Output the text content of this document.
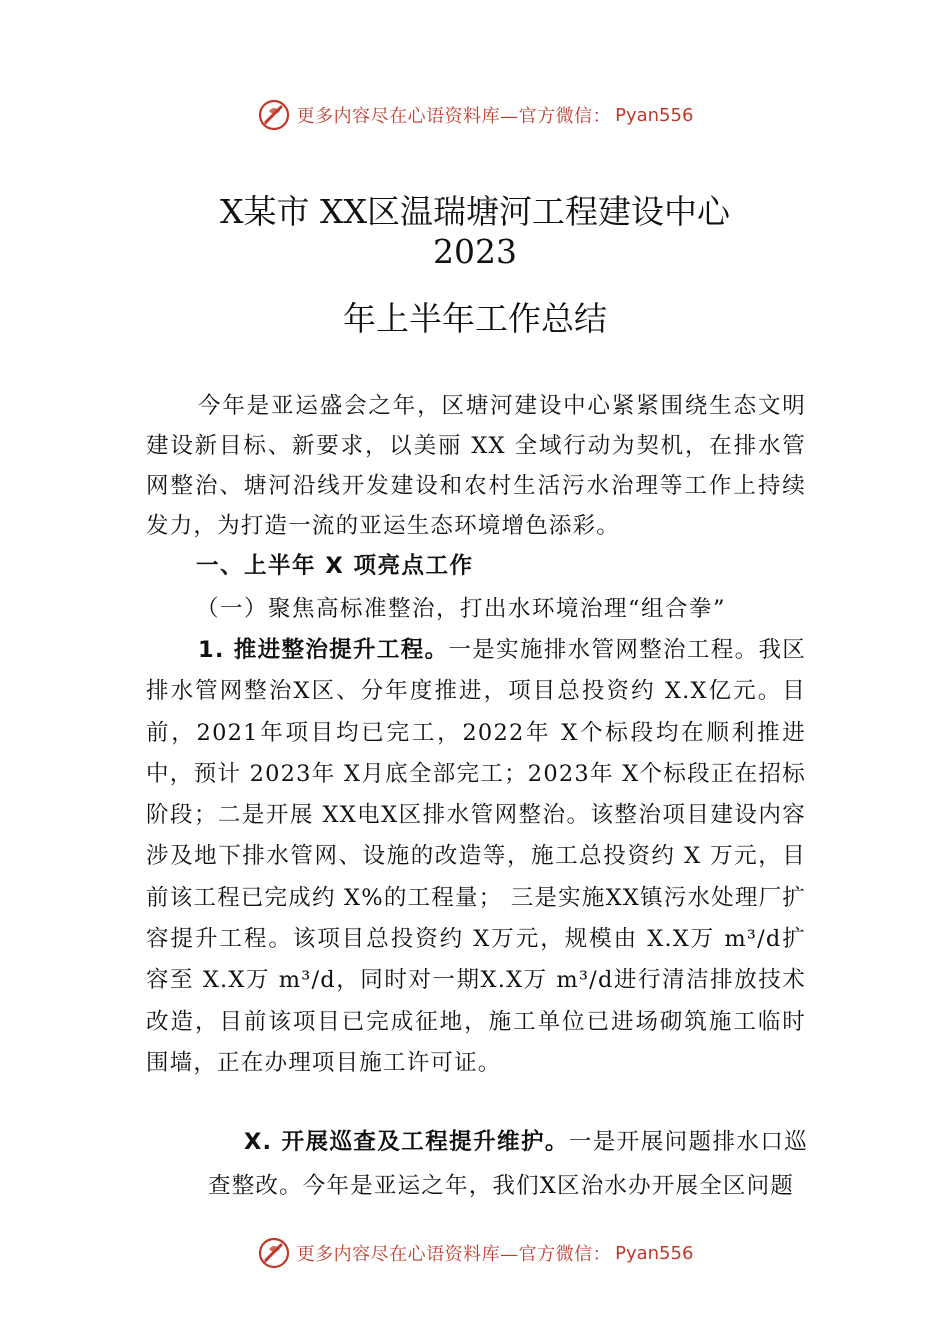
更多内容尽在心语资料库—官方微信： Pyan556
X某市 XX区温瑞塘河工程建设中心
2023
年上半年工作总结
今年是亚运盛会之年，区塘河建设中心紧紧围绕生态文明建设新目标、新要求，以美丽 XX 全域行动为契机，在排水管网整治、塘河沿线开发建设和农村生活污水治理等工作上持续发力，为打造一流的亚运生态环境增色添彩。
一、上半年 X 项亮点工作
（一）聚焦高标准整治，打出水环境治理“组合拳”
1. 推进整治提升工程。一是实施排水管网整治工程。我区排水管网整治X区、分年度推进，项目总投资约 X.X亿元。目前，2021年项目均已完工，2022年 X个标段均在顺利推进中，预计 2023年 X月底全部完工；2023年 X个标段正在招标阶段；二是开展 XX电X区排水管网整治。该整治项目建设内容涉及地下排水管网、设施的改造等，施工总投资约 X 万元，目前该工程已完成约 X%的工程量； 三是实施XX镇污水处理厂扩容提升工程。该项目总投资约 X万元，规模由 X.X万 m³/d扩容至 X.X万 m³/d，同时对一期X.X万 m³/d进行清洁排放技术改造，目前该项目已完成征地，施工单位已进场砌筑施工临时围墙，正在办理项目施工许可证。
X. 开展巡查及工程提升维护。一是开展问题排水口巡查整改。今年是亚运之年，我们X区治水办开展全区问题
更多内容尽在心语资料库—官方微信： Pyan556
